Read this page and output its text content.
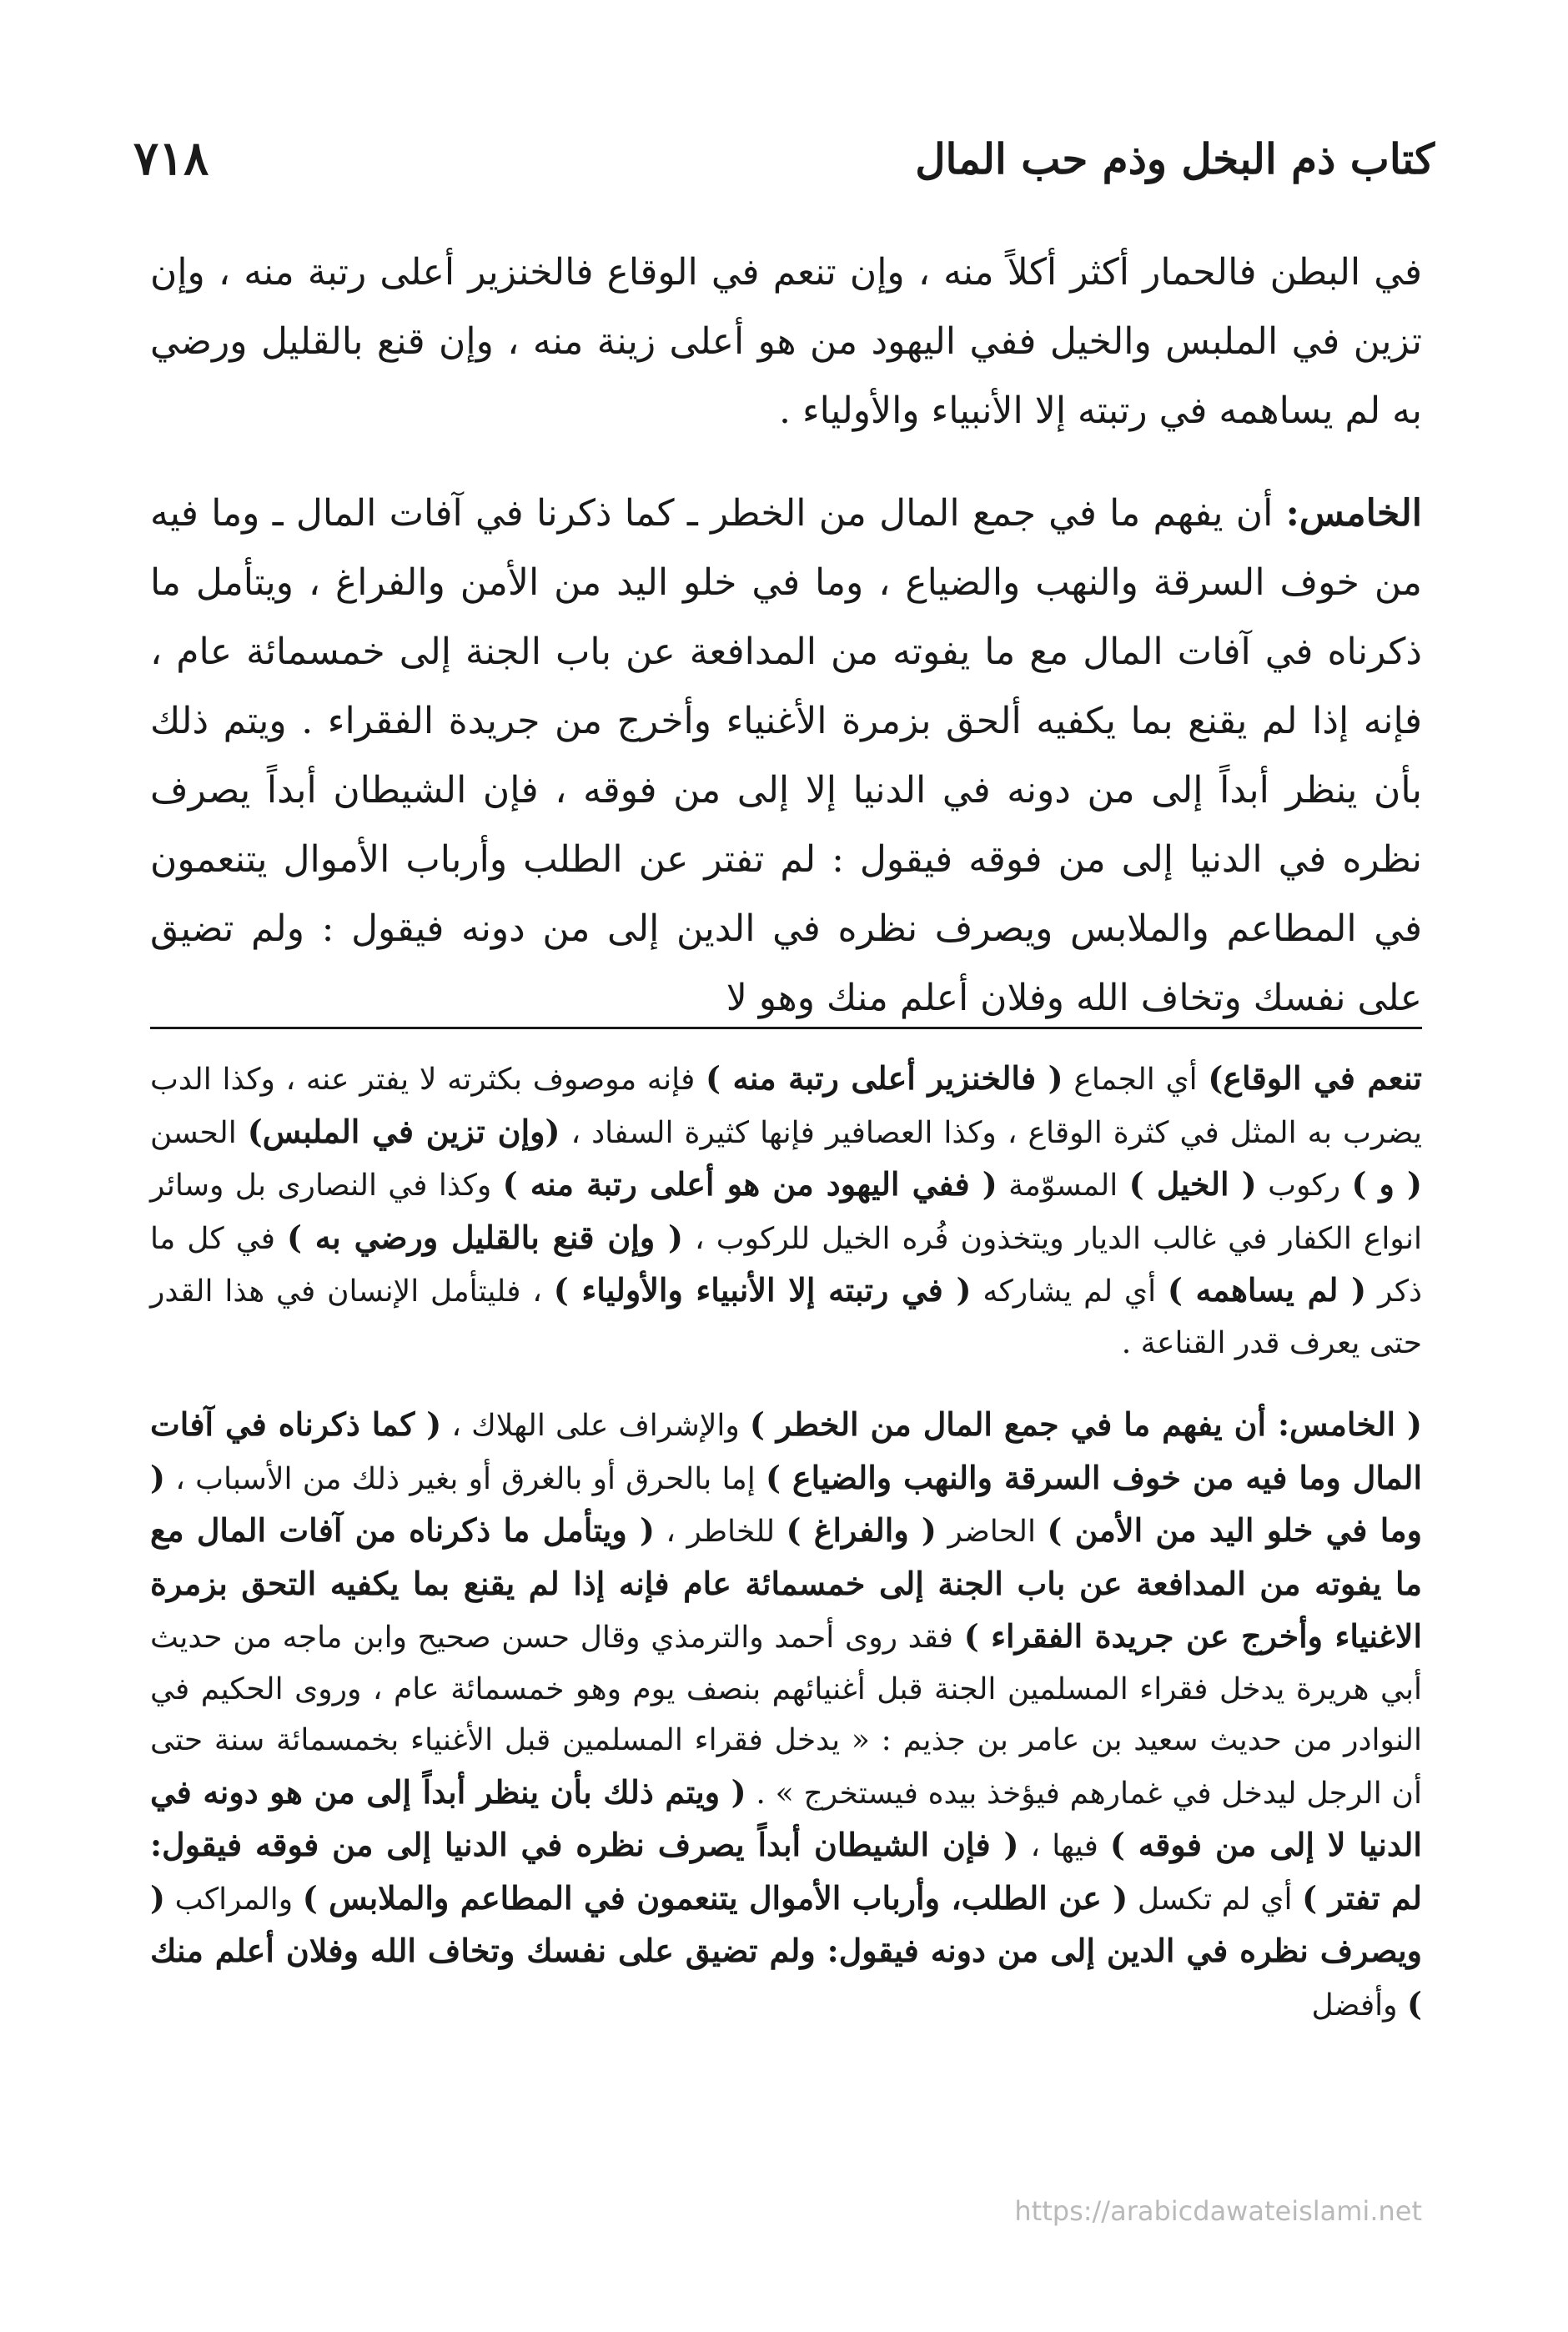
٧١٨	كتاب ذم البخل وذم حب المال

في البطن فالحمار أكثر أكلاً منه ، وإن تنعم في الوقاع فالخنزير أعلى رتبة منه ، وإن تزين في الملبس والخيل ففي اليهود من هو أعلى زينة منه ، وإن قنع بالقليل ورضي به لم يساهمه في رتبته إلا الأنبياء والأولياء .

الخامس: أن يفهم ما في جمع المال من الخطر ـ كما ذكرنا في آفات المال ـ وما فيه من خوف السرقة والنهب والضياع ، وما في خلو اليد من الأمن والفراغ ، ويتأمل ما ذكرناه في آفات المال مع ما يفوته من المدافعة عن باب الجنة إلى خمسمائة عام ، فإنه إذا لم يقنع بما يكفيه ألحق بزمرة الأغنياء وأخرج من جريدة الفقراء . ويتم ذلك بأن ينظر أبداً إلى من دونه في الدنيا إلا إلى من فوقه ، فإن الشيطان أبداً يصرف نظره في الدنيا إلى من فوقه فيقول : لم تفتر عن الطلب وأرباب الأموال يتنعمون في المطاعم والملابس ويصرف نظره في الدين إلى من دونه فيقول : ولم تضيق على نفسك وتخاف الله وفلان أعلم منك وهو لا

تنعم في الوقاع) أي الجماع ( فالخنزير أعلى رتبة منه ) فإنه موصوف بكثرته لا يفتر عنه ، وكذا الدب يضرب به المثل في كثرة الوقاع ، وكذا العصافير فإنها كثيرة السفاد ، (وإن تزين في الملبس) الحسن ( و ) ركوب ( الخيل ) المسوّمة ( ففي اليهود من هو أعلى رتبة منه ) وكذا في النصارى بل وسائر انواع الكفار في غالب الديار ويتخذون فُره الخيل للركوب ، ( وإن قنع بالقليل ورضي به ) في كل ما ذكر ( لم يساهمه ) أي لم يشاركه ( في رتبته إلا الأنبياء والأولياء ) ، فليتأمل الإنسان في هذا القدر حتى يعرف قدر القناعة .

( الخامس: أن يفهم ما في جمع المال من الخطر ) والإشراف على الهلاك ، ( كما ذكرناه في آفات المال وما فيه من خوف السرقة والنهب والضياع ) إما بالحرق أو بالغرق أو بغير ذلك من الأسباب ، ( وما في خلو اليد من الأمن ) الحاضر ( والفراغ ) للخاطر ، ( ويتأمل ما ذكرناه من آفات المال مع ما يفوته من المدافعة عن باب الجنة إلى خمسمائة عام فإنه إذا لم يقنع بما يكفيه التحق بزمرة الاغنياء وأخرج عن جريدة الفقراء ) فقد روى أحمد والترمذي وقال حسن صحيح وابن ماجه من حديث أبي هريرة يدخل فقراء المسلمين الجنة قبل أغنيائهم بنصف يوم وهو خمسمائة عام ، وروى الحكيم في النوادر من حديث سعيد بن عامر بن جذيم : « يدخل فقراء المسلمين قبل الأغنياء بخمسمائة سنة حتى أن الرجل ليدخل في غمارهم فيؤخذ بيده فيستخرج » . ( ويتم ذلك بأن ينظر أبداً إلى من هو دونه في الدنيا لا إلى من فوقه ) فيها ، ( فإن الشيطان أبداً يصرف نظره في الدنيا إلى من فوقه فيقول: لم تفتر ) أي لم تكسل ( عن الطلب، وأرباب الأموال يتنعمون في المطاعم والملابس ) والمراكب ( ويصرف نظره في الدين إلى من دونه فيقول: ولم تضيق على نفسك وتخاف الله وفلان أعلم منك ) وأفضل

https://arabicdawateislami.net
